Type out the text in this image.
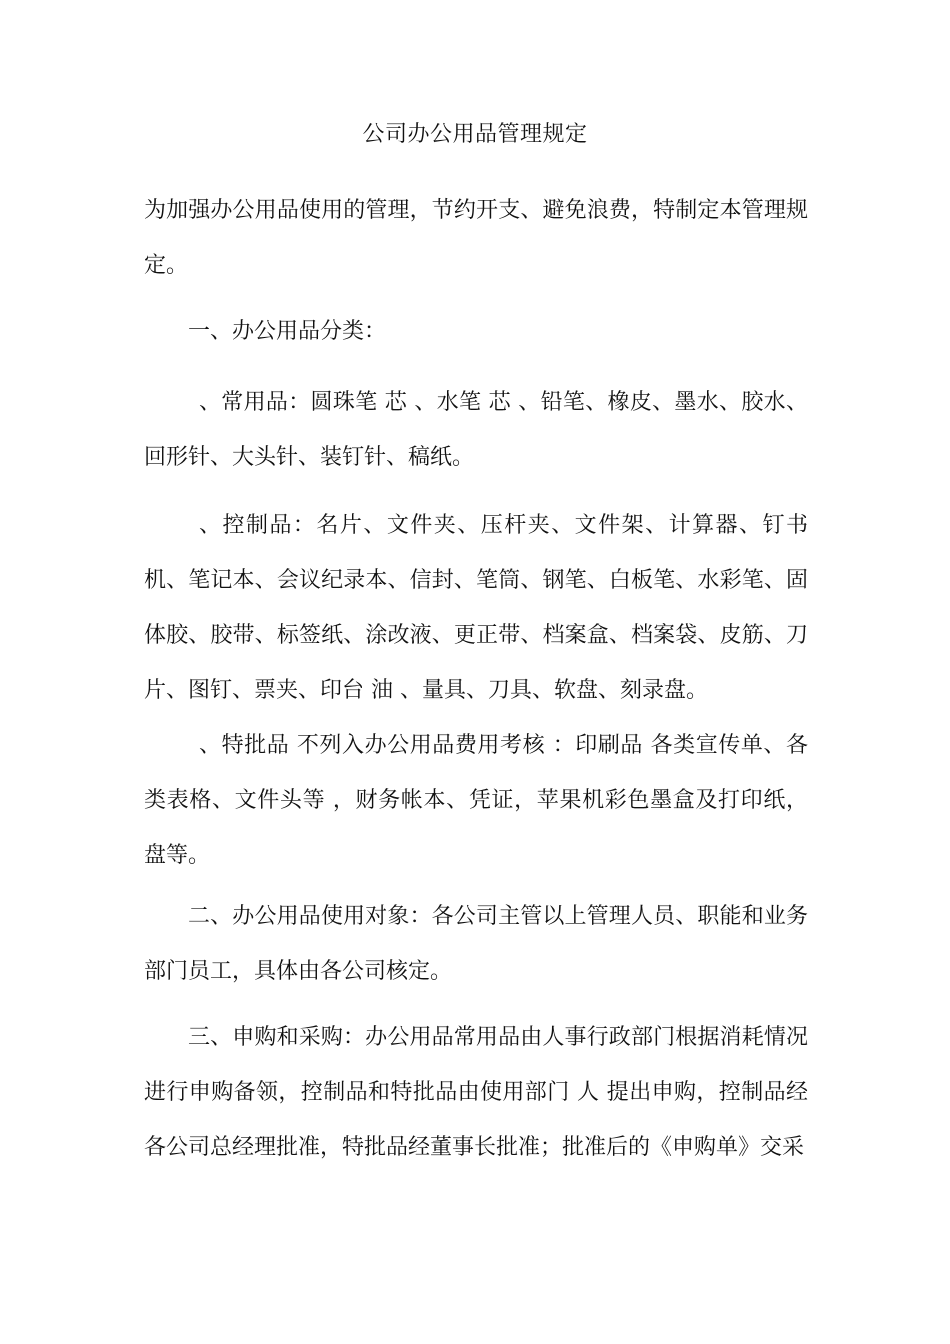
公司办公用品管理规定

为加强办公用品使用的管理，节约开支、避免浪费，特制定本管理规定。

一、办公用品分类：

、常用品：圆珠笔 芯 、水笔 芯 、铅笔、橡皮、墨水、胶水、回形针、大头针、装钉针、稿纸。

、控制品：名片、文件夹、压杆夹、文件架、计算器、钉书机、笔记本、会议纪录本、信封、笔筒、钢笔、白板笔、水彩笔、固体胶、胶带、标签纸、涂改液、更正带、档案盒、档案袋、皮筋、刀片、图钉、票夹、印台 油 、量具、刀具、软盘、刻录盘。

、特批品 不列入办公用品费用考核 ：印刷品 各类宣传单、各类表格、文件头等 ，财务帐本、凭证，苹果机彩色墨盒及打印纸，盘等。

二、办公用品使用对象：各公司主管以上管理人员、职能和业务部门员工，具体由各公司核定。

三、申购和采购：办公用品常用品由人事行政部门根据消耗情况进行申购备领，控制品和特批品由使用部门 人 提出申购，控制品经各公司总经理批准，特批品经董事长批准；批准后的《申购单》交采
